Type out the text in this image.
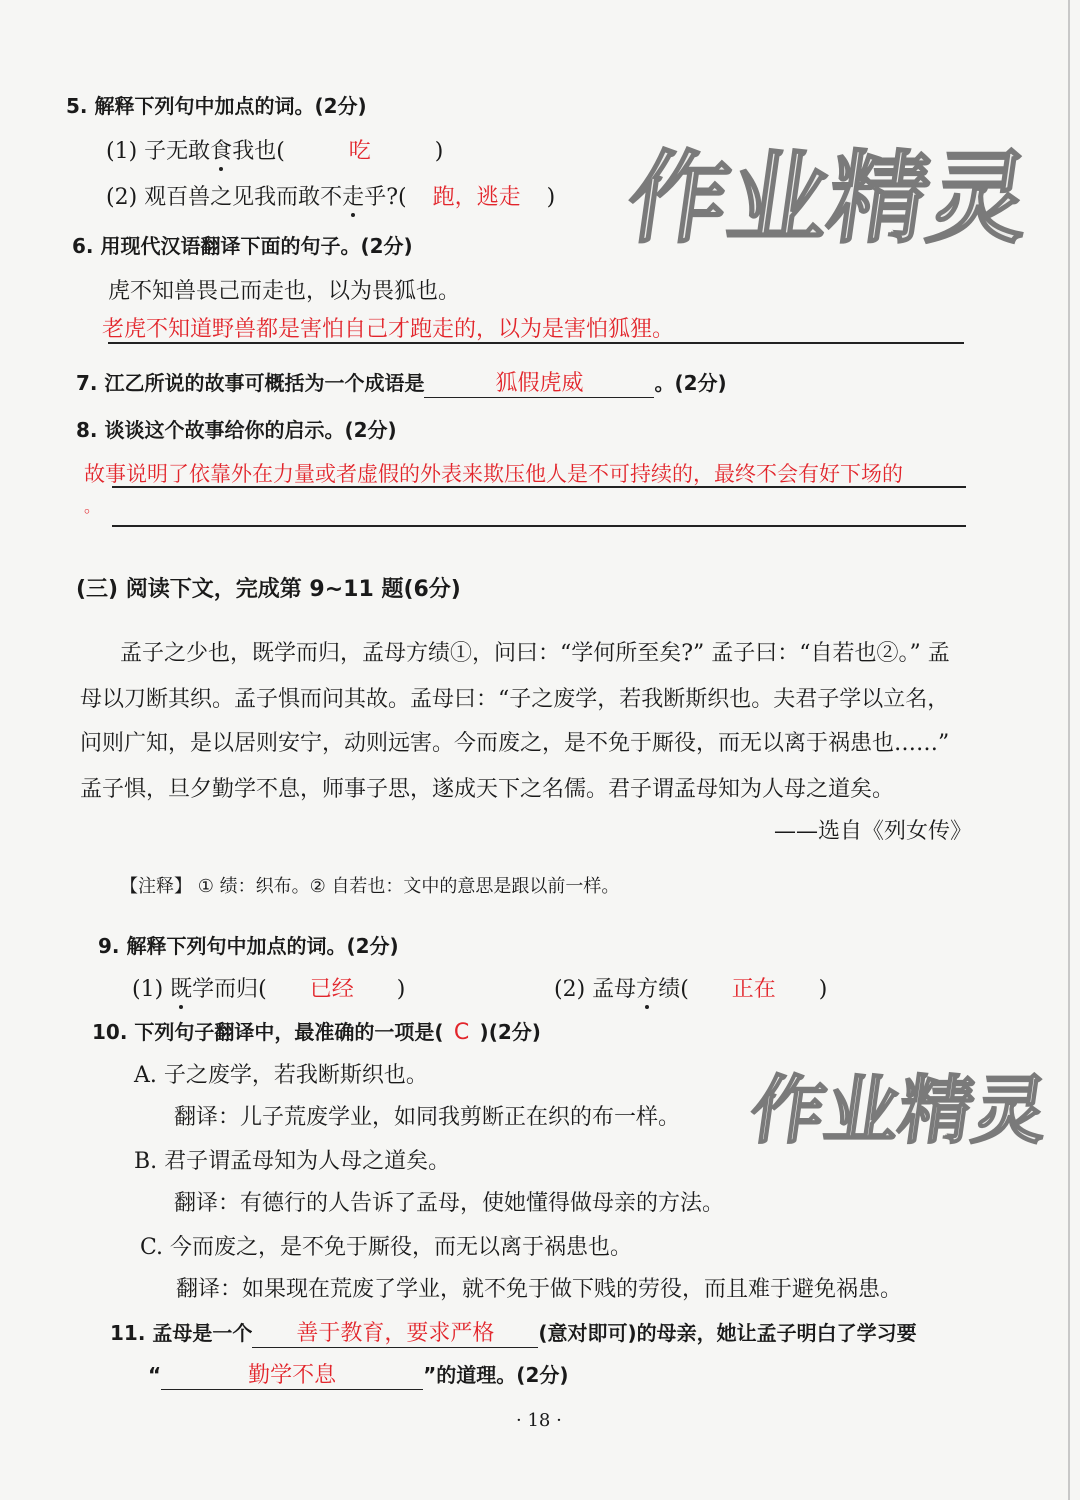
5. 解释下列句中加点的词。(2分)
(1) 子无敢食我也(	吃	)
(2) 观百兽之见我而敢不走乎?( 跑，逃走 )
6. 用现代汉语翻译下面的句子。(2分)
虎不知兽畏己而走也，以为畏狐也。
老虎不知道野兽都是害怕自己才跑走的，以为是害怕狐狸。
7. 江乙所说的故事可概括为一个成语是	狐假虎威	。(2分)
8. 谈谈这个故事给你的启示。(2分)
故事说明了依靠外在力量或者虚假的外表来欺压他人是不可持续的，最终不会有好下场的
。
(三) 阅读下文，完成第 9~11 题(6分)
孟子之少也，既学而归，孟母方绩①，问曰：“学何所至矣?” 孟子曰：“自若也②。” 孟
母以刀断其织。孟子惧而问其故。孟母曰：“子之废学，若我断斯织也。夫君子学以立名，
问则广知，是以居则安宁，动则远害。今而废之，是不免于厮役，而无以离于祸患也……”
孟子惧，旦夕勤学不息，师事子思，遂成天下之名儒。君子谓孟母知为人母之道矣。
——选自《列女传》
【注释】 ① 绩：织布。② 自若也：文中的意思是跟以前一样。
9. 解释下列句中加点的词。(2分)
(1) 既学而归( 已经 )	(2) 孟母方绩( 正在 )
10. 下列句子翻译中，最准确的一项是( C )(2分)
A. 子之废学，若我断斯织也。
翻译：儿子荒废学业，如同我剪断正在织的布一样。
B. 君子谓孟母知为人母之道矣。
翻译：有德行的人告诉了孟母，使她懂得做母亲的方法。
C. 今而废之，是不免于厮役，而无以离于祸患也。
翻译：如果现在荒废了学业，就不免于做下贱的劳役，而且难于避免祸患。
11. 孟母是一个 善于教育，要求严格 (意对即可)的母亲，她让孟子明白了学习要
“	勤学不息	”的道理。(2分)
· 18 ·
作业精灵
作业精灵
